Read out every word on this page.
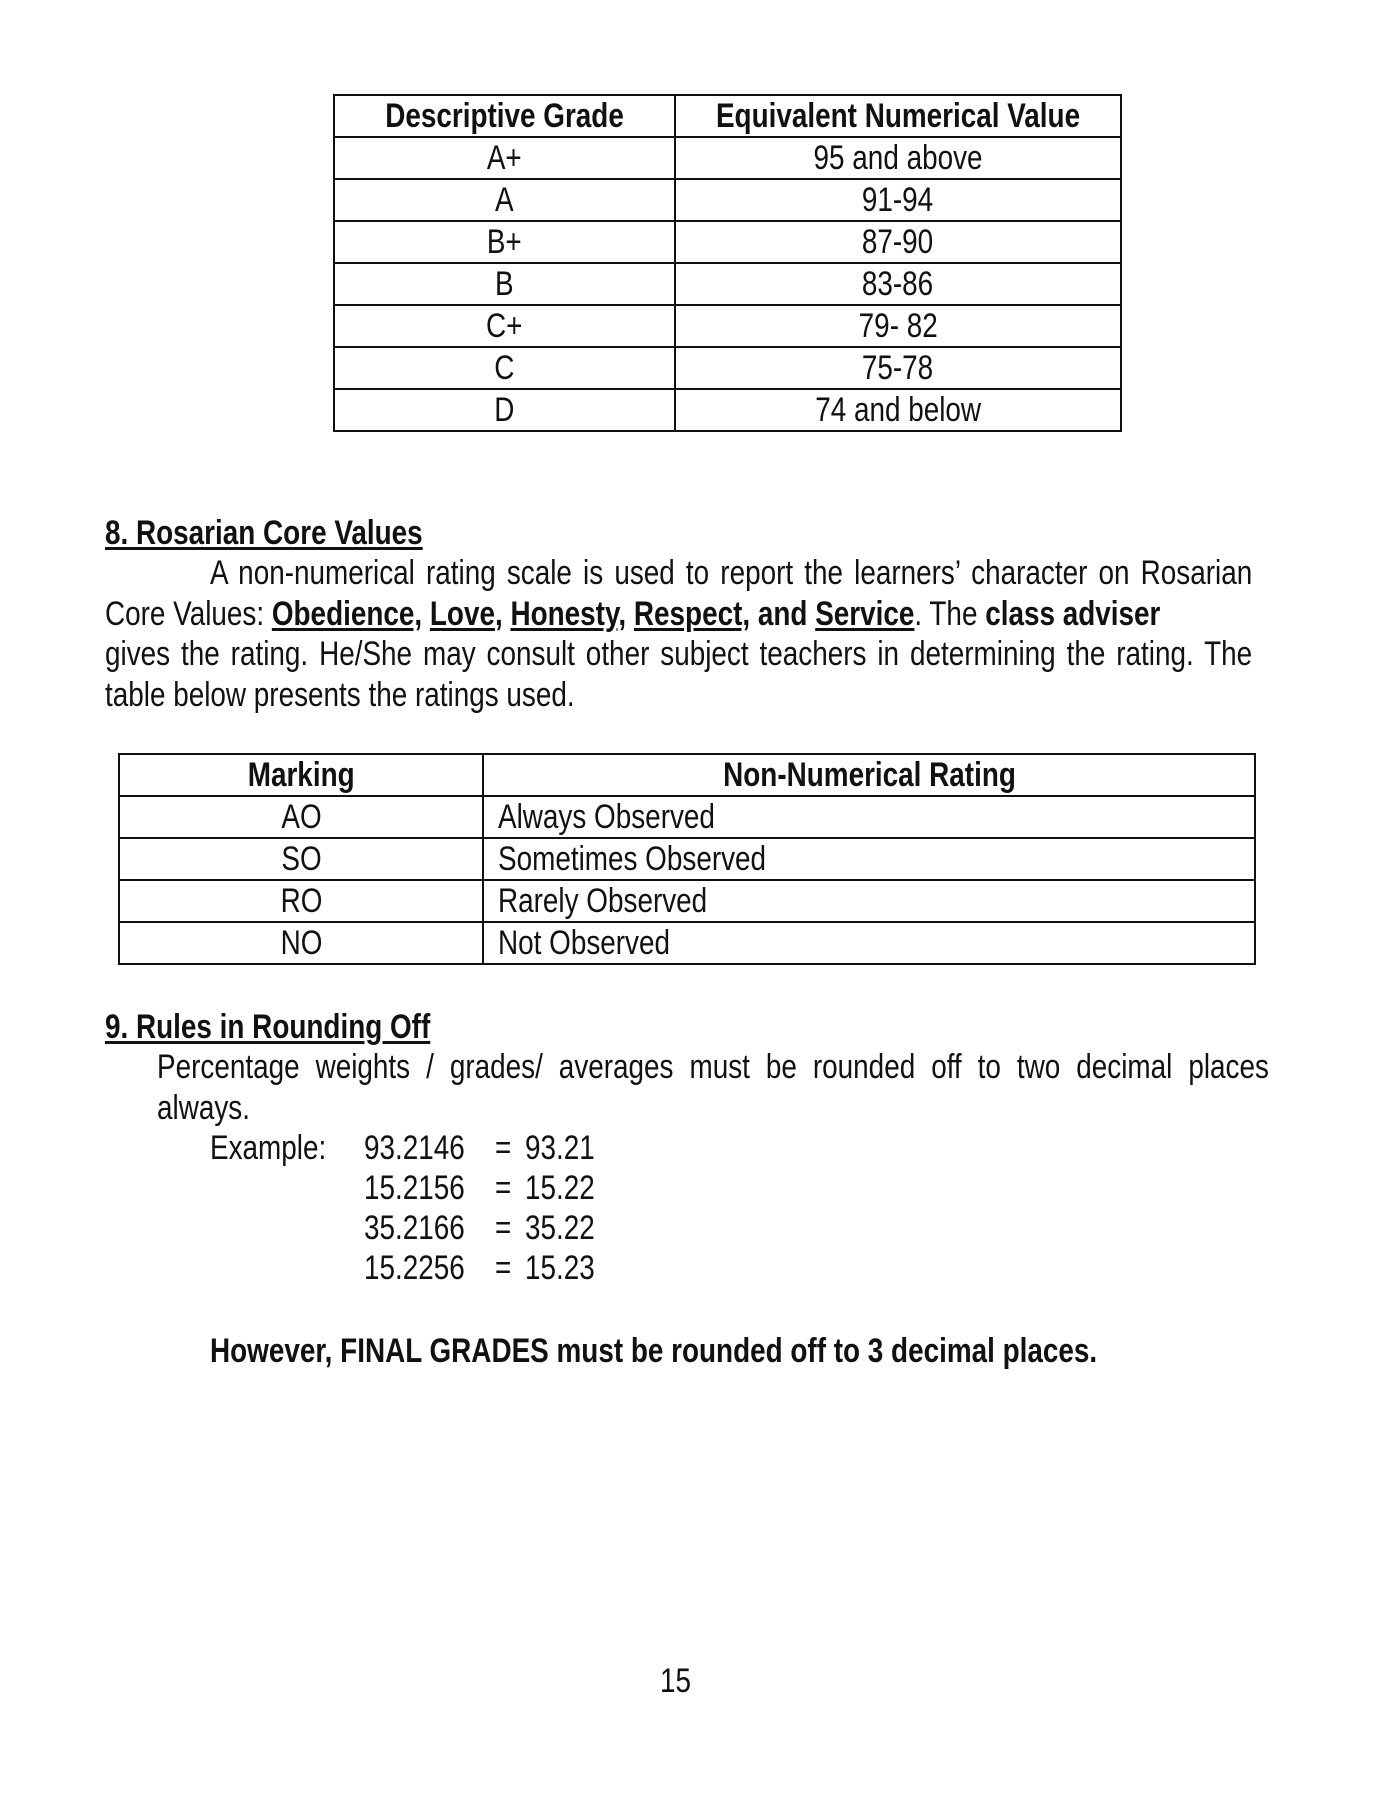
Descriptive Grade	Equivalent Numerical Value
A+	95 and above
A	91-94
B+	87-90
B	83-86
C+	79- 82
C	75-78
D	74 and below
8. Rosarian Core Values
A non-numerical rating scale is used to report the learners’ character on Rosarian
Core Values: Obedience, Love, Honesty, Respect, and Service. The class adviser
gives the rating. He/She may consult other subject teachers in determining the rating. The
table below presents the ratings used.
Marking	Non-Numerical Rating
AO	Always Observed
SO	Sometimes Observed
RO	Rarely Observed
NO	Not Observed
9. Rules in Rounding Off
Percentage weights / grades/ averages must be rounded off to two decimal places
always.
Example: 93.2146 = 93.21
15.2156 = 15.22
35.2166 = 35.22
15.2256 = 15.23
However, FINAL GRADES must be rounded off to 3 decimal places.
15
